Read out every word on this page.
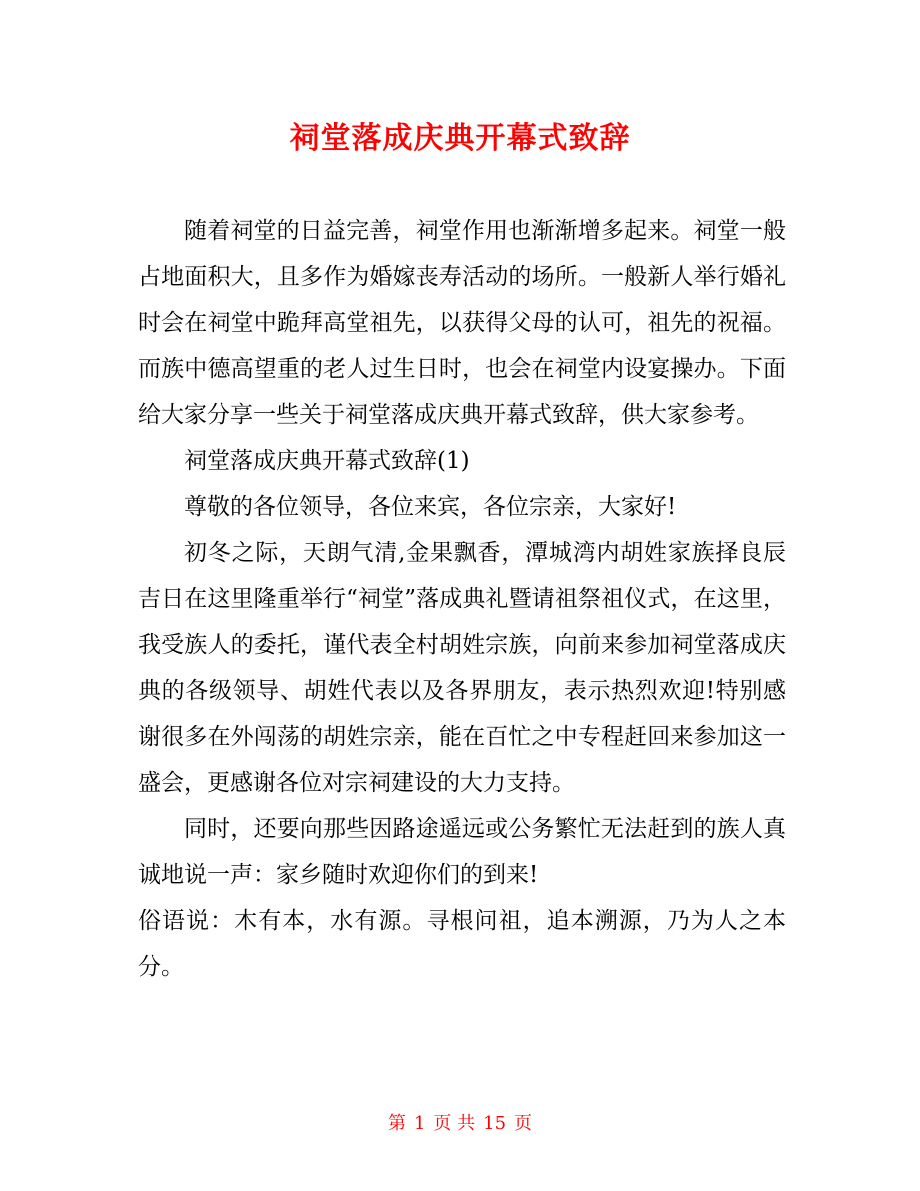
祠堂落成庆典开幕式致辞

随着祠堂的日益完善，祠堂作用也渐渐增多起来。祠堂一般占地面积大，且多作为婚嫁丧寿活动的场所。一般新人举行婚礼时会在祠堂中跪拜高堂祖先，以获得父母的认可，祖先的祝福。而族中德高望重的老人过生日时，也会在祠堂内设宴操办。下面给大家分享一些关于祠堂落成庆典开幕式致辞，供大家参考。

祠堂落成庆典开幕式致辞(1)

尊敬的各位领导，各位来宾，各位宗亲，大家好!

初冬之际，天朗气清,金果飘香，潭城湾内胡姓家族择良辰吉日在这里隆重举行“祠堂”落成典礼暨请祖祭祖仪式，在这里，我受族人的委托，谨代表全村胡姓宗族，向前来参加祠堂落成庆典的各级领导、胡姓代表以及各界朋友，表示热烈欢迎!特别感谢很多在外闯荡的胡姓宗亲，能在百忙之中专程赶回来参加这一盛会，更感谢各位对宗祠建设的大力支持。

同时，还要向那些因路途遥远或公务繁忙无法赶到的族人真诚地说一声：家乡随时欢迎你们的到来!

俗语说：木有本，水有源。寻根问祖，追本溯源，乃为人之本分。

第 1 页 共 15 页
